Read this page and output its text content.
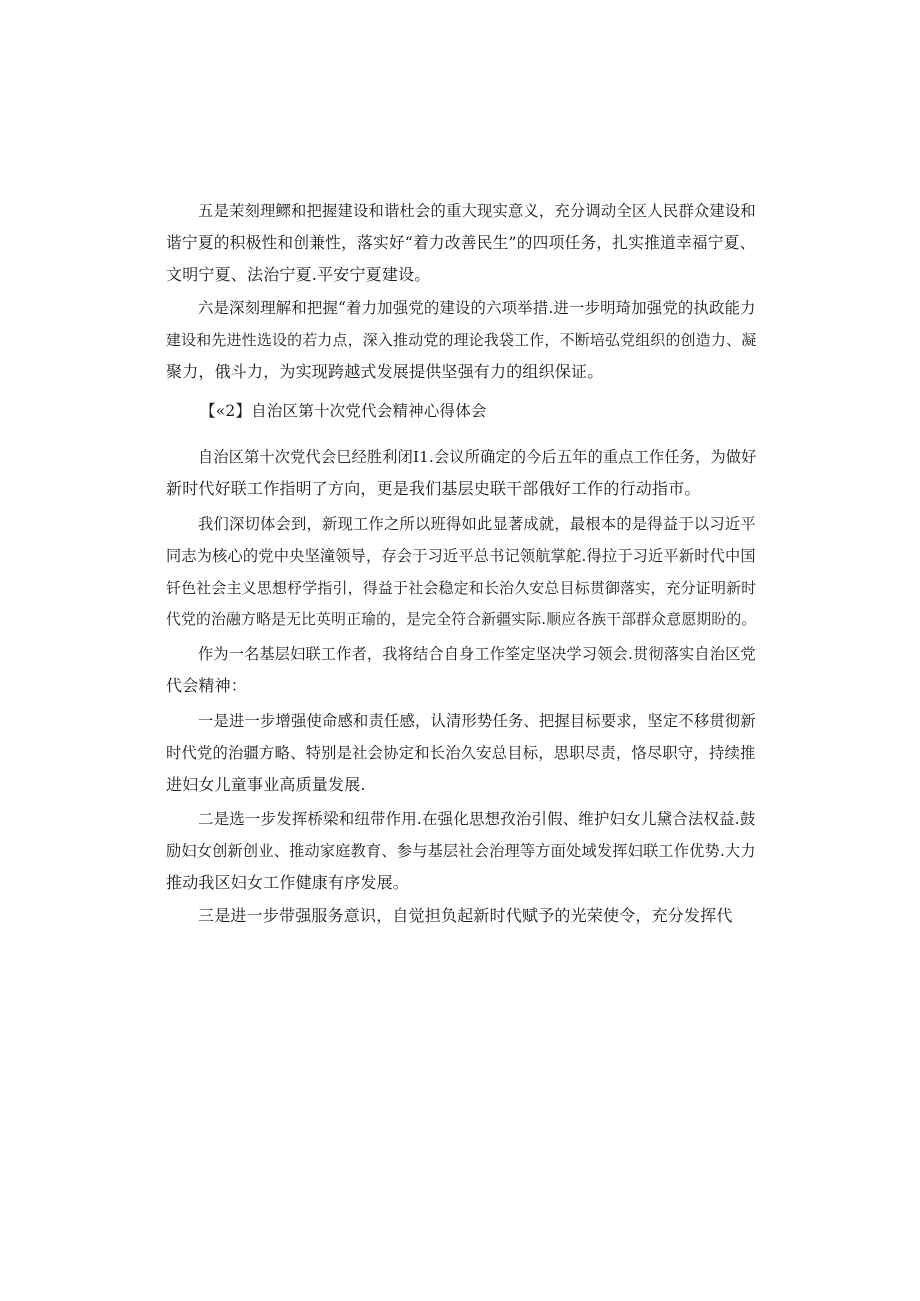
五是茉刻理鳏和把握建设和谐杜会的重大现实意义，充分调动全区人民群众建设和
谐宁夏的积极性和创兼性，落实好“着力改善民生”的四项任务，扎实推道幸福宁夏、
文明宁夏、法治宁夏.平安宁夏建设。
六是深刻理解和把握“着力加强党的建设的六项举措.进一步明琦加强党的执政能力
建设和先进性选设的若力点，深入推动党的理论我袋工作，不断培弘党组织的创造力、凝
聚力，俄斗力，为实现跨越式发展提供坚强有力的组织保证。
【«2】自治区第十次党代会精神心得体会
自治区第十次党代会巳经胜利闭I1.会议所确定的今后五年的重点工作任务，为做好
新时代好联工作指明了方向，更是我们基层史联干部俄好工作的行动指市。
我们深切体会到，新现工作之所以班得如此显著成就，最根本的是得益于以习近平
同志为核心的党中央坚潼领导，存会于习近平总书记领航掌舵.得拉于习近平新时代中国
钎色社会主义思想杼学指引，得益于社会稳定和长治久安总目标贯御落实，充分证明新时
代党的治融方略是无比英明正瑜的，是完全符合新疆实际.顺应各族干部群众意愿期盼的。
作为一名基层妇联工作者，我将结合自身工作筌定坚决学习领会.贯彻落实自治区党
代会精神：
一是进一步增强使命感和责任感，认清形势任务、把握目标要求，坚定不移贯彻新
时代党的治疆方略、特别是社会协定和长治久安总目标，思职尽责，恪尽职守，持续推
进妇女儿童事业高质量发展.
二是选一步发挥桥梁和纽带作用.在强化思想孜治引假、维护妇女儿黛合法权益.鼓
励妇女创新创业、推动家庭教育、参与基层社会治理等方面处域发挥妇联工作优势.大力
推动我区妇女工作健康有序发展。
三是进一步带强服务意识，自觉担负起新时代赋予的光荣使令，充分发挥代
